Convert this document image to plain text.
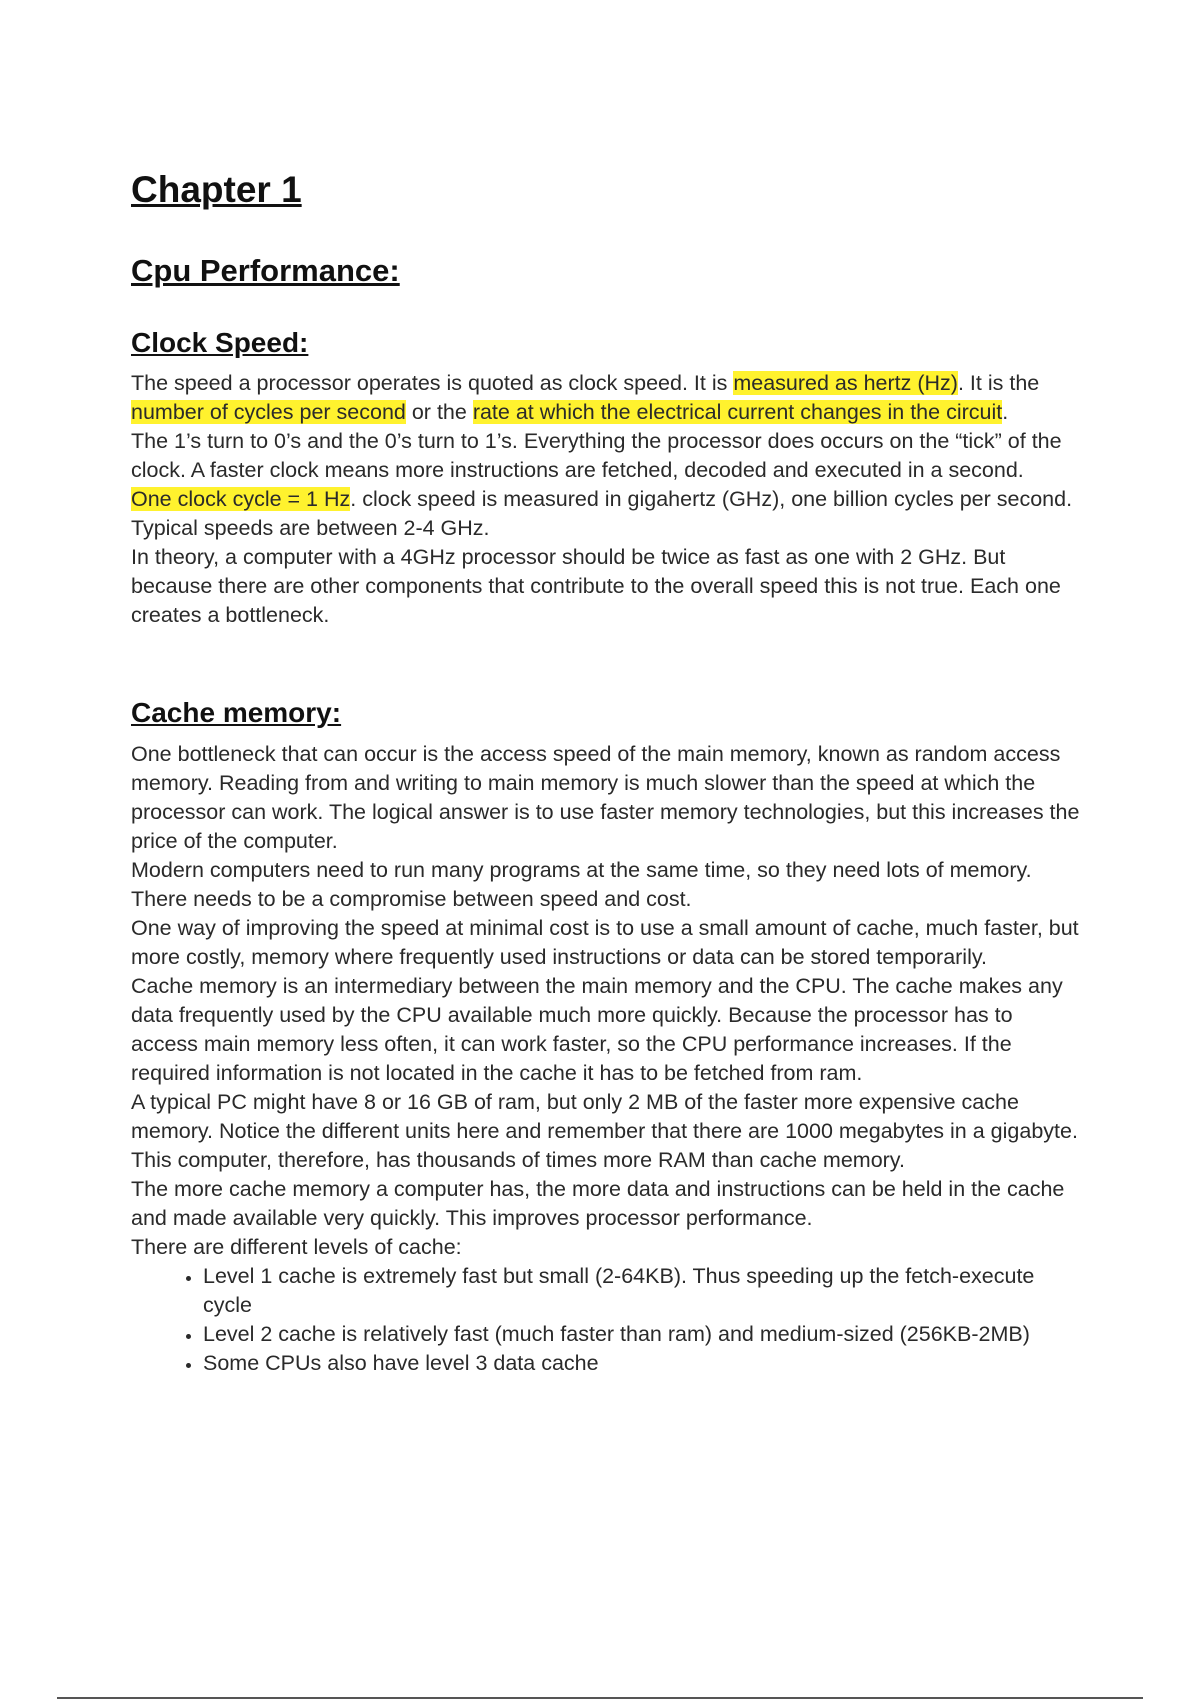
Chapter 1
Cpu Performance:
Clock Speed:

The speed a processor operates is quoted as clock speed. It is measured as hertz (Hz). It is the number of cycles per second or the rate at which the electrical current changes in the circuit.
The 1’s turn to 0’s and the 0’s turn to 1’s. Everything the processor does occurs on the “tick” of the clock. A faster clock means more instructions are fetched, decoded and executed in a second.

One clock cycle = 1 Hz. clock speed is measured in gigahertz (GHz), one billion cycles per second. Typical speeds are between 2-4 GHz.

In theory, a computer with a 4GHz processor should be twice as fast as one with 2 GHz. But because there are other components that contribute to the overall speed this is not true. Each one creates a bottleneck.

Cache memory:

One bottleneck that can occur is the access speed of the main memory, known as random access memory. Reading from and writing to main memory is much slower than the speed at which the processor can work. The logical answer is to use faster memory technologies, but this increases the price of the computer.

Modern computers need to run many programs at the same time, so they need lots of memory. There needs to be a compromise between speed and cost.

One way of improving the speed at minimal cost is to use a small amount of cache, much faster, but more costly, memory where frequently used instructions or data can be stored temporarily.

Cache memory is an intermediary between the main memory and the CPU. The cache makes any data frequently used by the CPU available much more quickly. Because the processor has to access main memory less often, it can work faster, so the CPU performance increases. If the required information is not located in the cache it has to be fetched from ram.

A typical PC might have 8 or 16 GB of ram, but only 2 MB of the faster more expensive cache memory. Notice the different units here and remember that there are 1000 megabytes in a gigabyte. This computer, therefore, has thousands of times more RAM than cache memory.

The more cache memory a computer has, the more data and instructions can be held in the cache and made available very quickly. This improves processor performance.

There are different levels of cache:

• Level 1 cache is extremely fast but small (2-64KB). Thus speeding up the fetch-execute cycle
• Level 2 cache is relatively fast (much faster than ram) and medium-sized (256KB-2MB)
• Some CPUs also have level 3 data cache
